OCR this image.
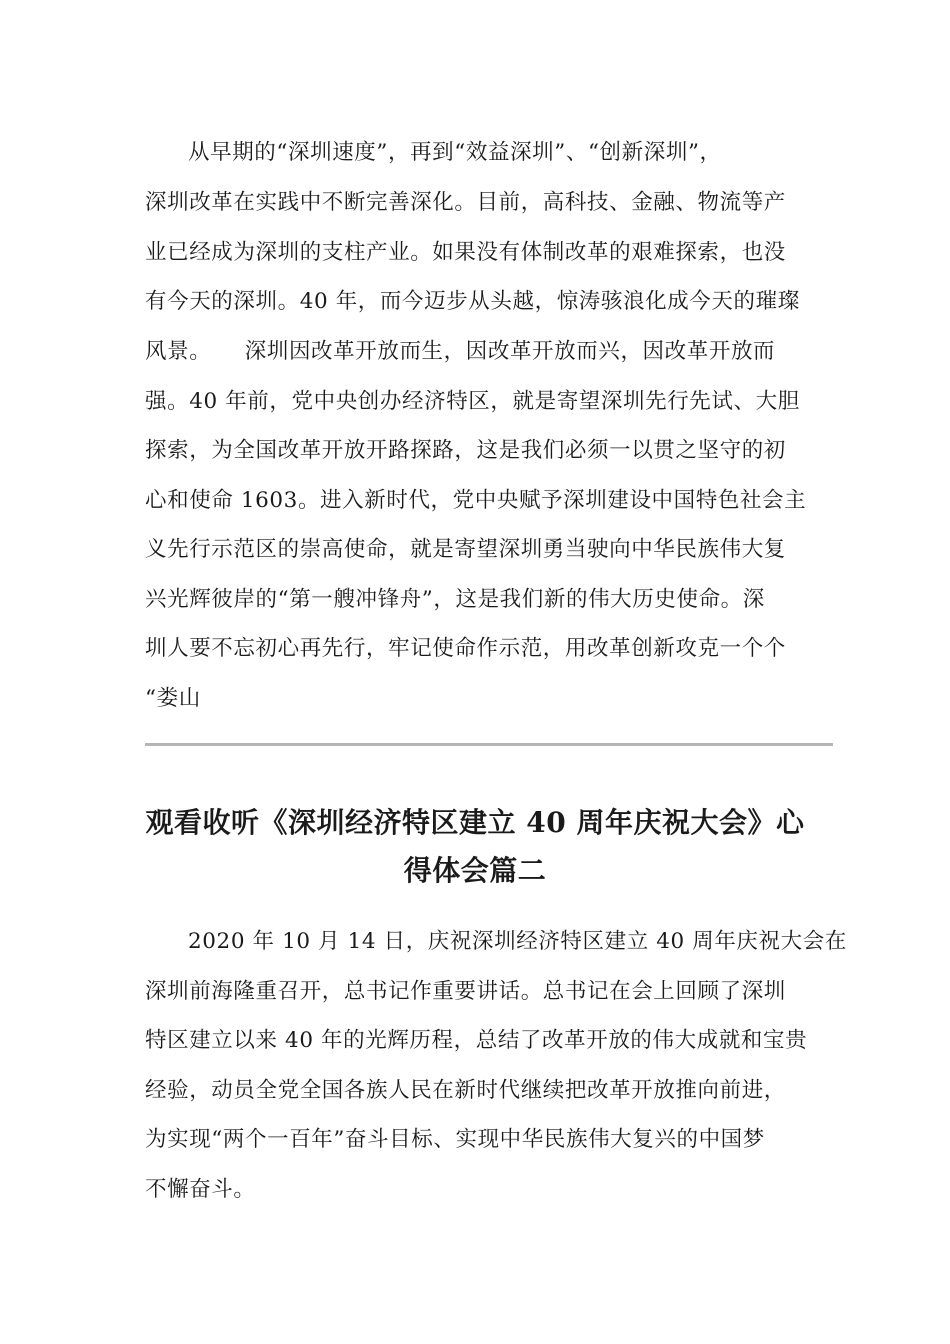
从早期的“深圳速度”，再到“效益深圳”、“创新深圳”，
深圳改革在实践中不断完善深化。目前，高科技、金融、物流等产
业已经成为深圳的支柱产业。如果没有体制改革的艰难探索，也没
有今天的深圳。40 年，而今迈步从头越，惊涛骇浪化成今天的璀璨
风景。　　深圳因改革开放而生，因改革开放而兴，因改革开放而
强。40 年前，党中央创办经济特区，就是寄望深圳先行先试、大胆
探索，为全国改革开放开路探路，这是我们必须一以贯之坚守的初
心和使命 1603。进入新时代，党中央赋予深圳建设中国特色社会主
义先行示范区的崇高使命，就是寄望深圳勇当驶向中华民族伟大复
兴光辉彼岸的“第一艘冲锋舟”，这是我们新的伟大历史使命。深
圳人要不忘初心再先行，牢记使命作示范，用改革创新攻克一个个
“娄山
观看收听《深圳经济特区建立 40 周年庆祝大会》心
得体会篇二
2020 年 10 月 14 日，庆祝深圳经济特区建立 40 周年庆祝大会在
深圳前海隆重召开，总书记作重要讲话。总书记在会上回顾了深圳
特区建立以来 40 年的光辉历程，总结了改革开放的伟大成就和宝贵
经验，动员全党全国各族人民在新时代继续把改革开放推向前进，
为实现“两个一百年”奋斗目标、实现中华民族伟大复兴的中国梦
不懈奋斗。
